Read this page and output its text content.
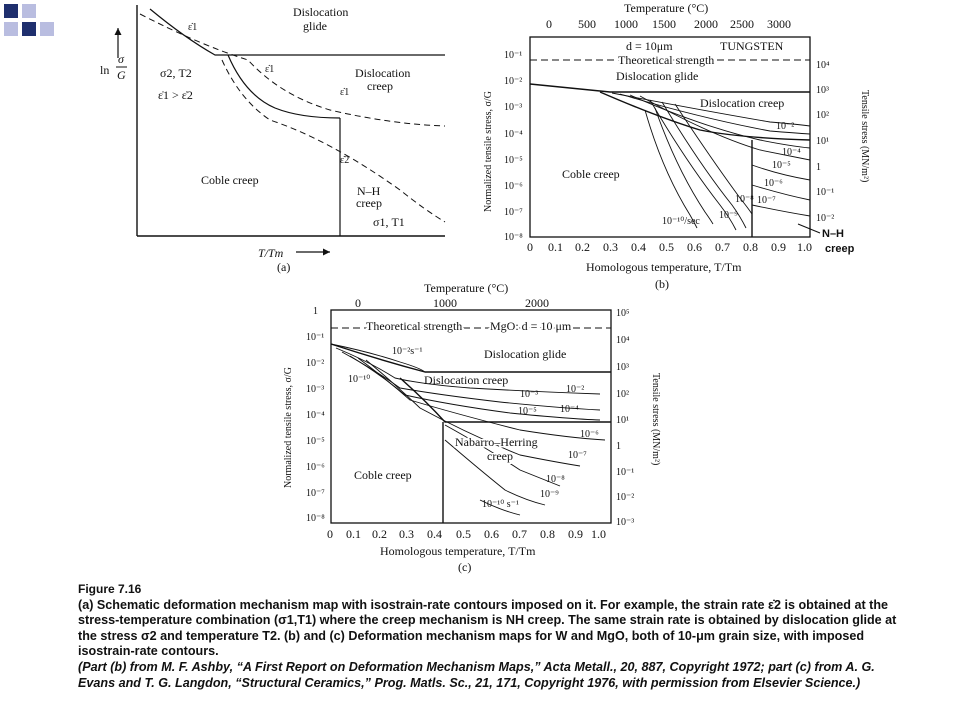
ln
σ
G
T/Tm
(a)
Dislocation
glide
Dislocation
creep
Coble creep
N–H
creep
ε̇1
ε̇1
ε̇1
ε̇2
σ2, T2
ε̇1 > ε̇2
σ1, T1
Temperature (°C)
0 500 1000 1500 2000 2500 3000
10⁻¹
10⁻²
10⁻³
10⁻⁴
10⁻⁵
10⁻⁶
10⁻⁷
10⁻⁸
10⁴
10³
10²
10¹
1
10⁻¹
10⁻²
d = 10μm	TUNGSTEN
Theoretical strength
Dislocation glide
Dislocation creep
Coble creep
N–H
creep
10⁻²
10⁻⁴
10⁻⁵
10⁻⁶
10⁻⁷
10⁻⁸
10⁻⁹
10⁻¹⁰/sec
0 0.1 0.2 0.3 0.4 0.5 0.6 0.7 0.8 0.9 1.0
Homologous temperature, T/Tm
(b)
Normalized tensile stress, σ/G	Tensile stress (MN/m²)
Temperature (°C)
0	1000	2000
Theoretical strength MgO: d = 10 μm
Dislocation glide
10⁻²s⁻¹
10⁻¹⁰	Dislocation creep
10⁻²
10⁻³
10⁻⁴
10⁻⁵
10⁻⁶
10⁻⁷
10⁻⁸
10⁻⁹
Nabarro–Herring
creep
Coble creep
10⁻¹⁰ s⁻¹
1
10⁻¹
10⁻²
10⁻³
10⁻⁴
10⁻⁵
10⁻⁶
10⁻⁷
10⁻⁸
10⁵
10⁴
10³
10²
10¹
1
10⁻¹
10⁻²
10⁻³
0 0.1 0.2 0.3 0.4 0.5 0.6 0.7 0.8 0.9 1.0
Homologous temperature, T/Tm
(c)
Normalized tensile stress, σ/G	Tensile stress (MN/m²)
Figure 7.16
(a) Schematic deformation mechanism map with isostrain-rate contours imposed on it. For example, the strain rate ε̇2 is obtained at the stress-temperature combination (σ1,T1) where the creep mechanism is NH creep. The same strain rate is obtained by dislocation glide at the stress σ2 and temperature T2. (b) and (c) Deformation mechanism maps for W and MgO, both of 10-μm grain size, with imposed isostrain-rate contours.
(Part (b) from M. F. Ashby, “A First Report on Deformation Mechanism Maps,” Acta Metall., 20, 887, Copyright 1972; part (c) from A. G. Evans and T. G. Langdon, “Structural Ceramics,” Prog. Matls. Sc., 21, 171, Copyright 1976, with permission from Elsevier Science.)
